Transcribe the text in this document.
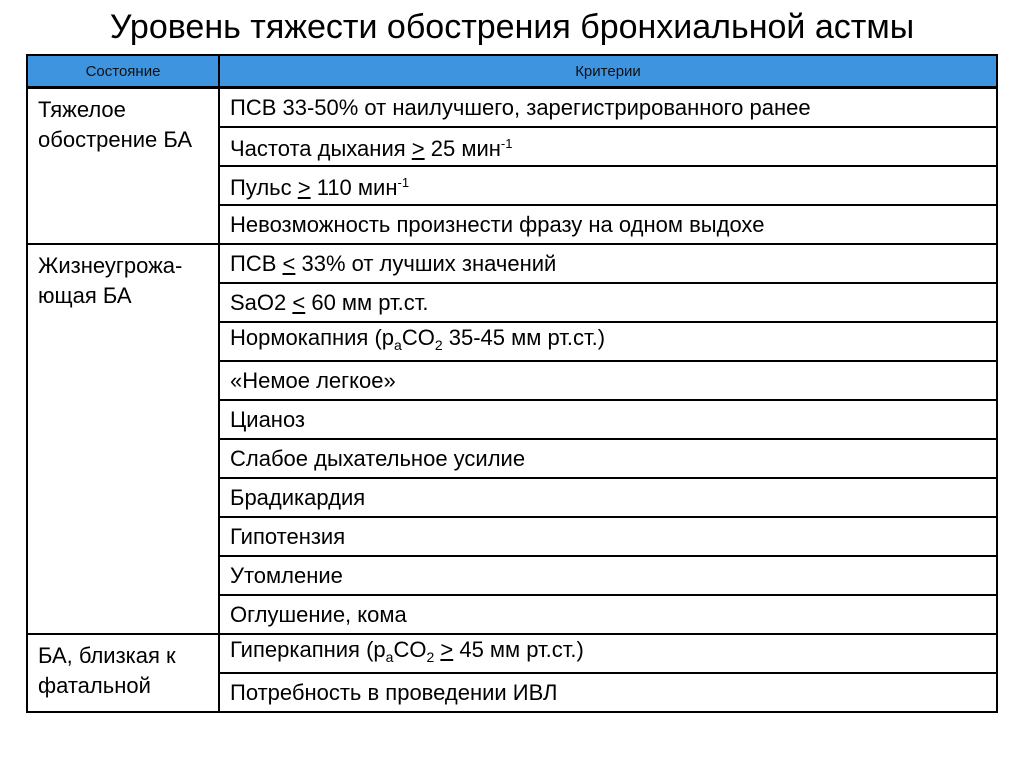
Уровень тяжести обострения бронхиальной астмы
Состояние	Критерии
Тяжелое обострение БА	ПСВ 33-50% от наилучшего, зарегистрированного ранее
	Частота дыхания > 25 мин$^{-1}$
	Пульс > 110 мин$^{-1}$
	Невозможность произнести фразу на одном выдохе
Жизнеугрожа-ющая БА	ПСВ < 33% от лучших значений
	SaO2 < 60 мм рт.ст.
	Нормокапния ($p_aCO_2$ 35-45 мм рт.ст.)
	«Немое легкое»
	Цианоз
	Слабое дыхательное усилие
	Брадикардия
	Гипотензия
	Утомление
	Оглушение, кома
БА, близкая к фатальной	Гиперкапния ($p_aCO_2 > 45$ мм рт.ст.)
	Потребность в проведении ИВЛ
